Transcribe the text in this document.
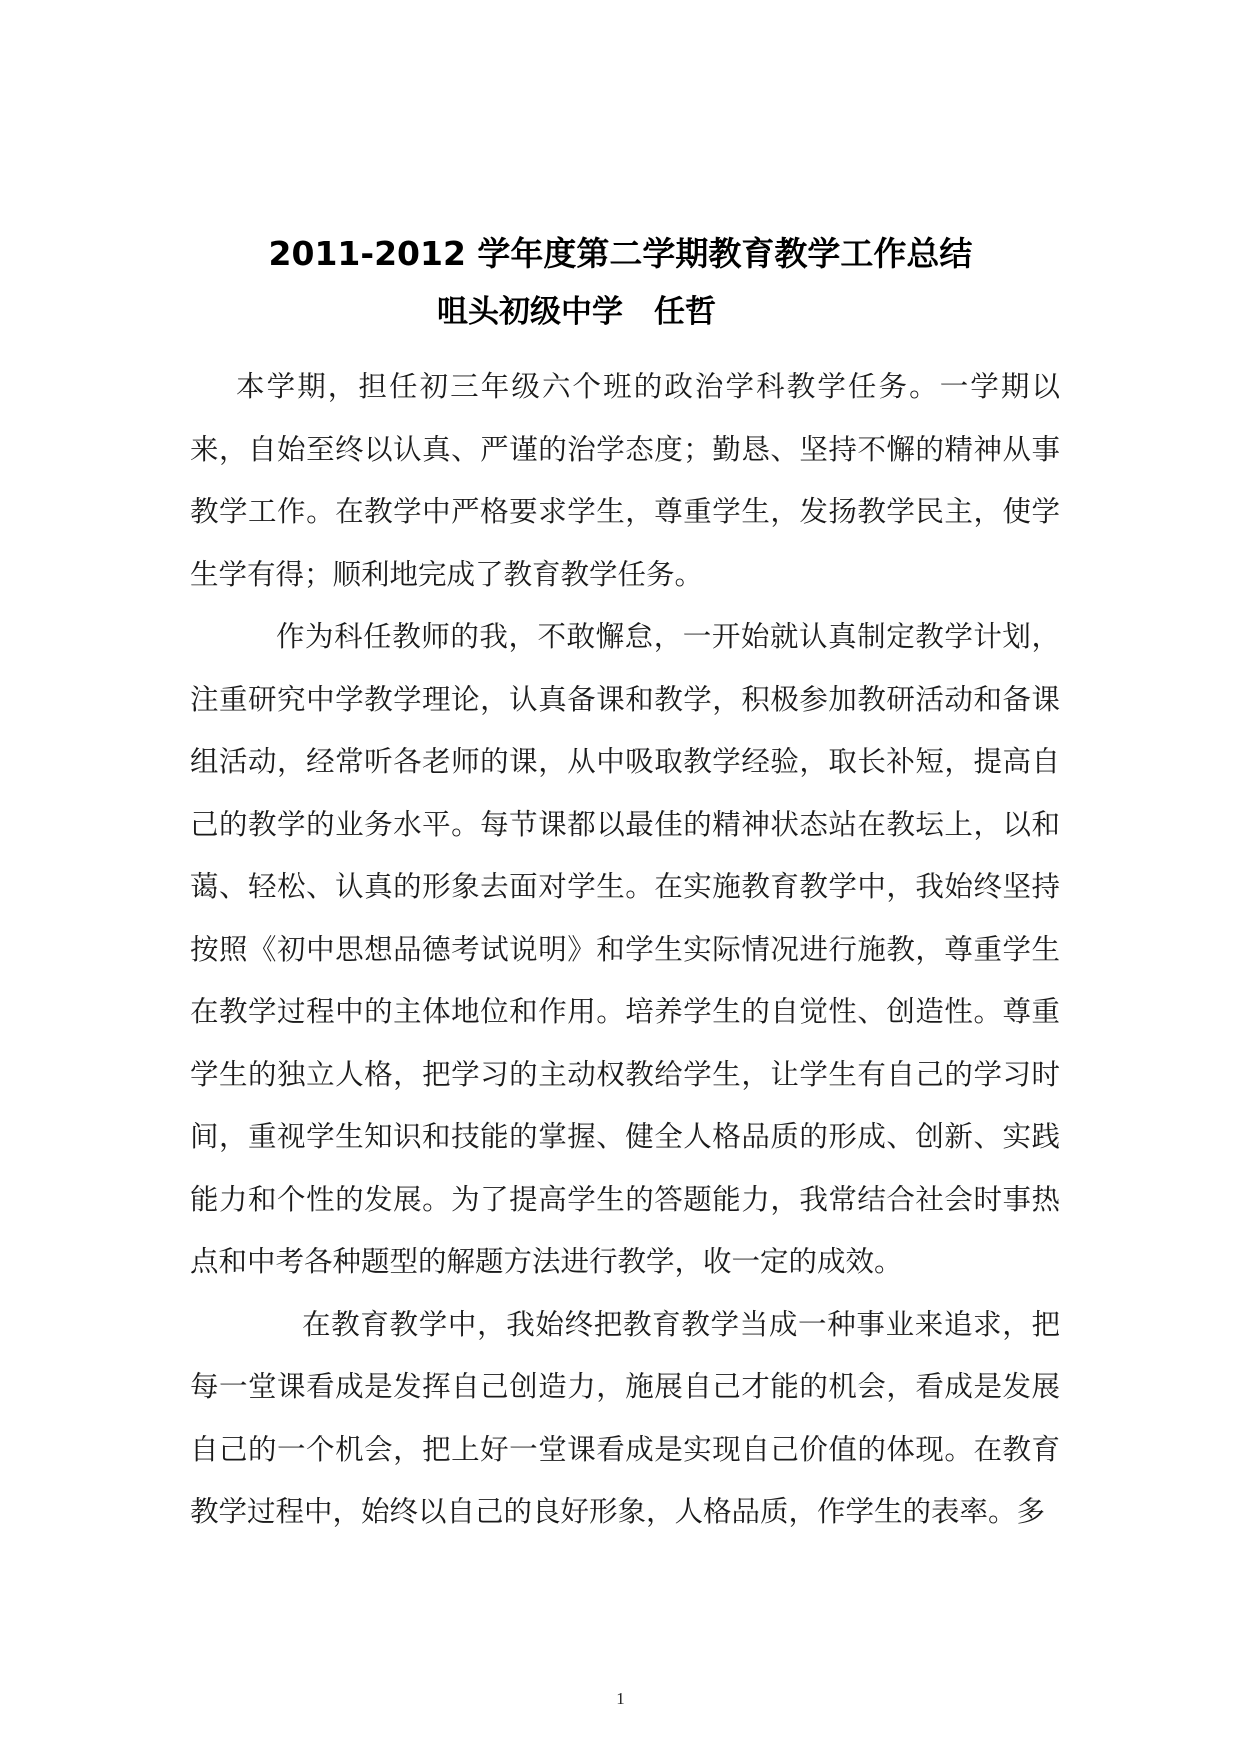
2011-2012 学年度第二学期教育教学工作总结
咀头初级中学　任哲

本学期，担任初三年级六个班的政治学科教学任务。一学期以来，自始至终以认真、严谨的治学态度；勤恳、坚持不懈的精神从事教学工作。在教学中严格要求学生，尊重学生，发扬教学民主，使学生学有得；顺利地完成了教育教学任务。

作为科任教师的我，不敢懈怠，一开始就认真制定教学计划，注重研究中学教学理论，认真备课和教学，积极参加教研活动和备课组活动，经常听各老师的课，从中吸取教学经验，取长补短，提高自己的教学的业务水平。每节课都以最佳的精神状态站在教坛上，以和蔼、轻松、认真的形象去面对学生。在实施教育教学中，我始终坚持按照《初中思想品德考试说明》和学生实际情况进行施教，尊重学生在教学过程中的主体地位和作用。培养学生的自觉性、创造性。尊重学生的独立人格，把学习的主动权教给学生，让学生有自己的学习时间，重视学生知识和技能的掌握、健全人格品质的形成、创新、实践能力和个性的发展。为了提高学生的答题能力，我常结合社会时事热点和中考各种题型的解题方法进行教学，收一定的成效。

在教育教学中，我始终把教育教学当成一种事业来追求，把每一堂课看成是发挥自己创造力，施展自己才能的机会，看成是发展自己的一个机会，把上好一堂课看成是实现自己价值的体现。在教育教学过程中，始终以自己的良好形象，人格品质，作学生的表率。多

1
